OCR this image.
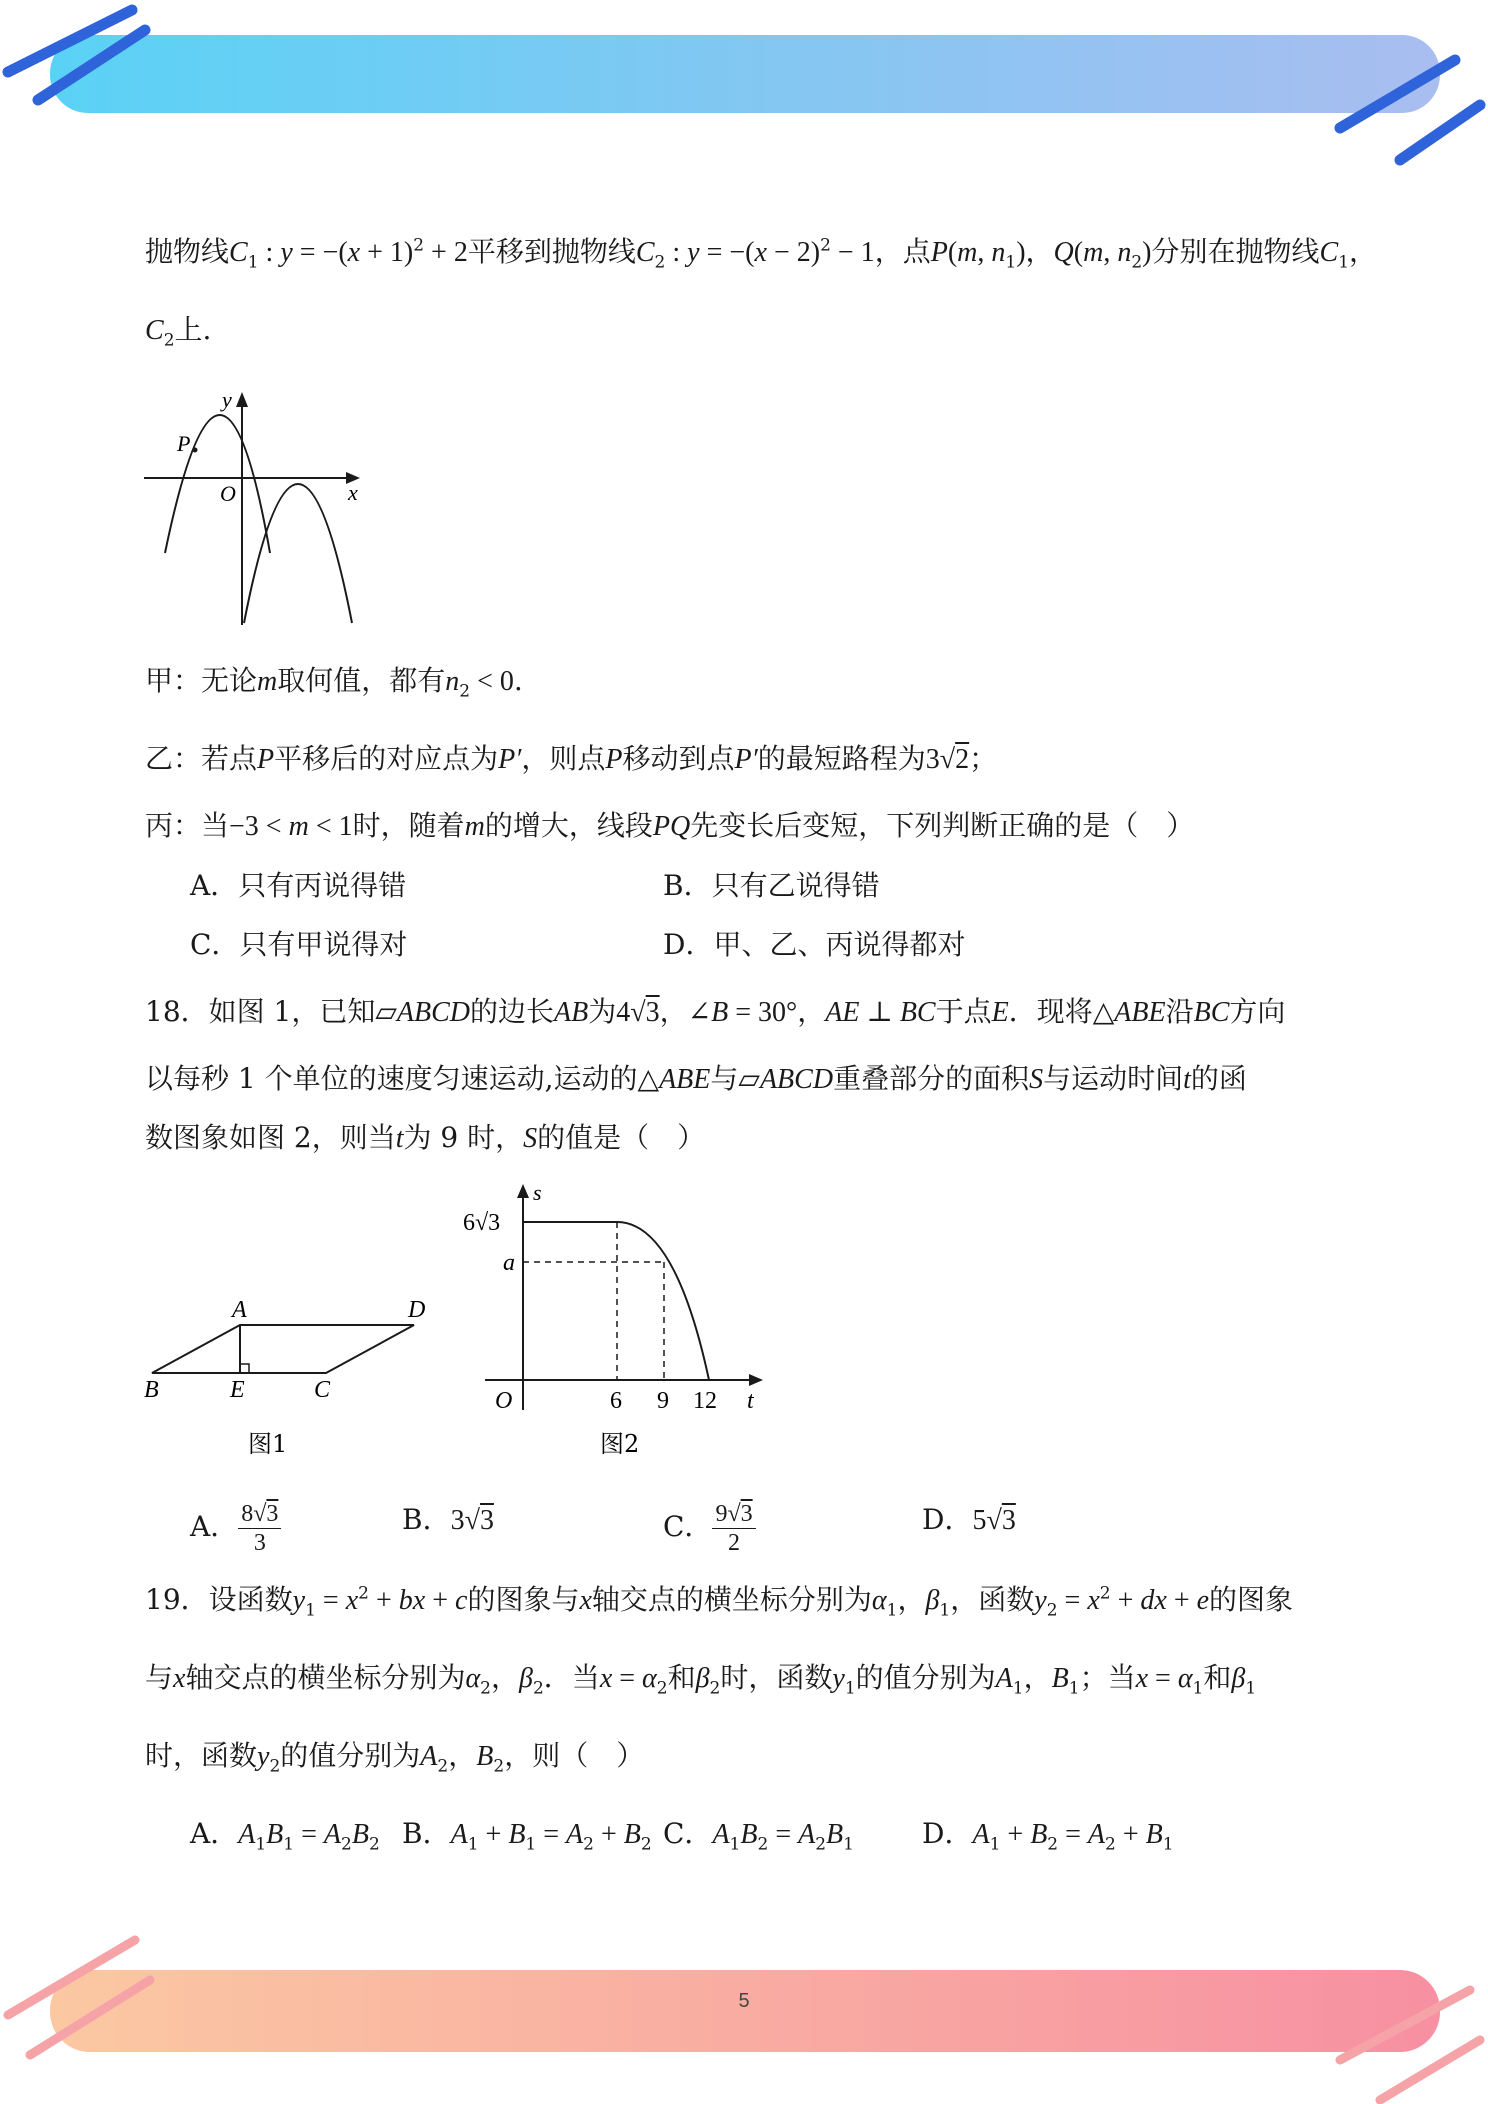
5
抛物线$C_1$ : $y = -(x + 1)^2 + 2$平移到抛物线$C_2$ : $y = -(x - 2)^2 - 1$，点P(m, $n_1$)，Q(m, $n_2$)分别在抛物线$C_1$，
$C_2$上.
y
x
P
O
甲：无论m取何值，都有$n_2 < 0$.
乙：若点P平移后的对应点为P′，则点P移动到点P′的最短路程为3√2；
丙：当−3 < m < 1时，随着m的增大，线段PQ先变长后变短，下列判断正确的是（　）
A．只有丙说得错	B．只有乙说得错
C．只有甲说得对	D．甲、乙、丙说得都对
18．如图 1，已知▱ABCD的边长AB为4√3，∠B = 30°，AE ⊥ BC于点E．现将△ABE沿BC方向
以每秒 1 个单位的速度匀速运动,运动的△ABE与▱ABCD重叠部分的面积S与运动时间t的函
数图象如图 2，则当t为 9 时，S的值是（　）
A	D
B	E	C
图1
s
6√3
a
O	6 9 12 t
图2
A． $\frac{8√3}{3}$	B．3√3	C． $\frac{9√3}{2}$	D．5√3
19．设函数$y_1 = x^2$ + bx + c的图象与x轴交点的横坐标分别为$\alpha_1$，$\beta_1$，函数$y_2 = x^2$ + dx + e的图象
与x轴交点的横坐标分别为$\alpha_2$，$\beta_2$．当$x = \alpha_2$和$\beta_2$时，函数$y_1$的值分别为$A_1$，$B_1$；当$x = \alpha_1$和$\beta_1$
时，函数$y_2$的值分别为$A_2$，$B_2$，则（　）
A．$A_1B_1 = A_2B_2$ B．$A_1 + B_1 = A_2 + B_2$ C．$A_1B_2 = A_2B_1$ D．$A_1 + B_2 = A_2 + B_1$
